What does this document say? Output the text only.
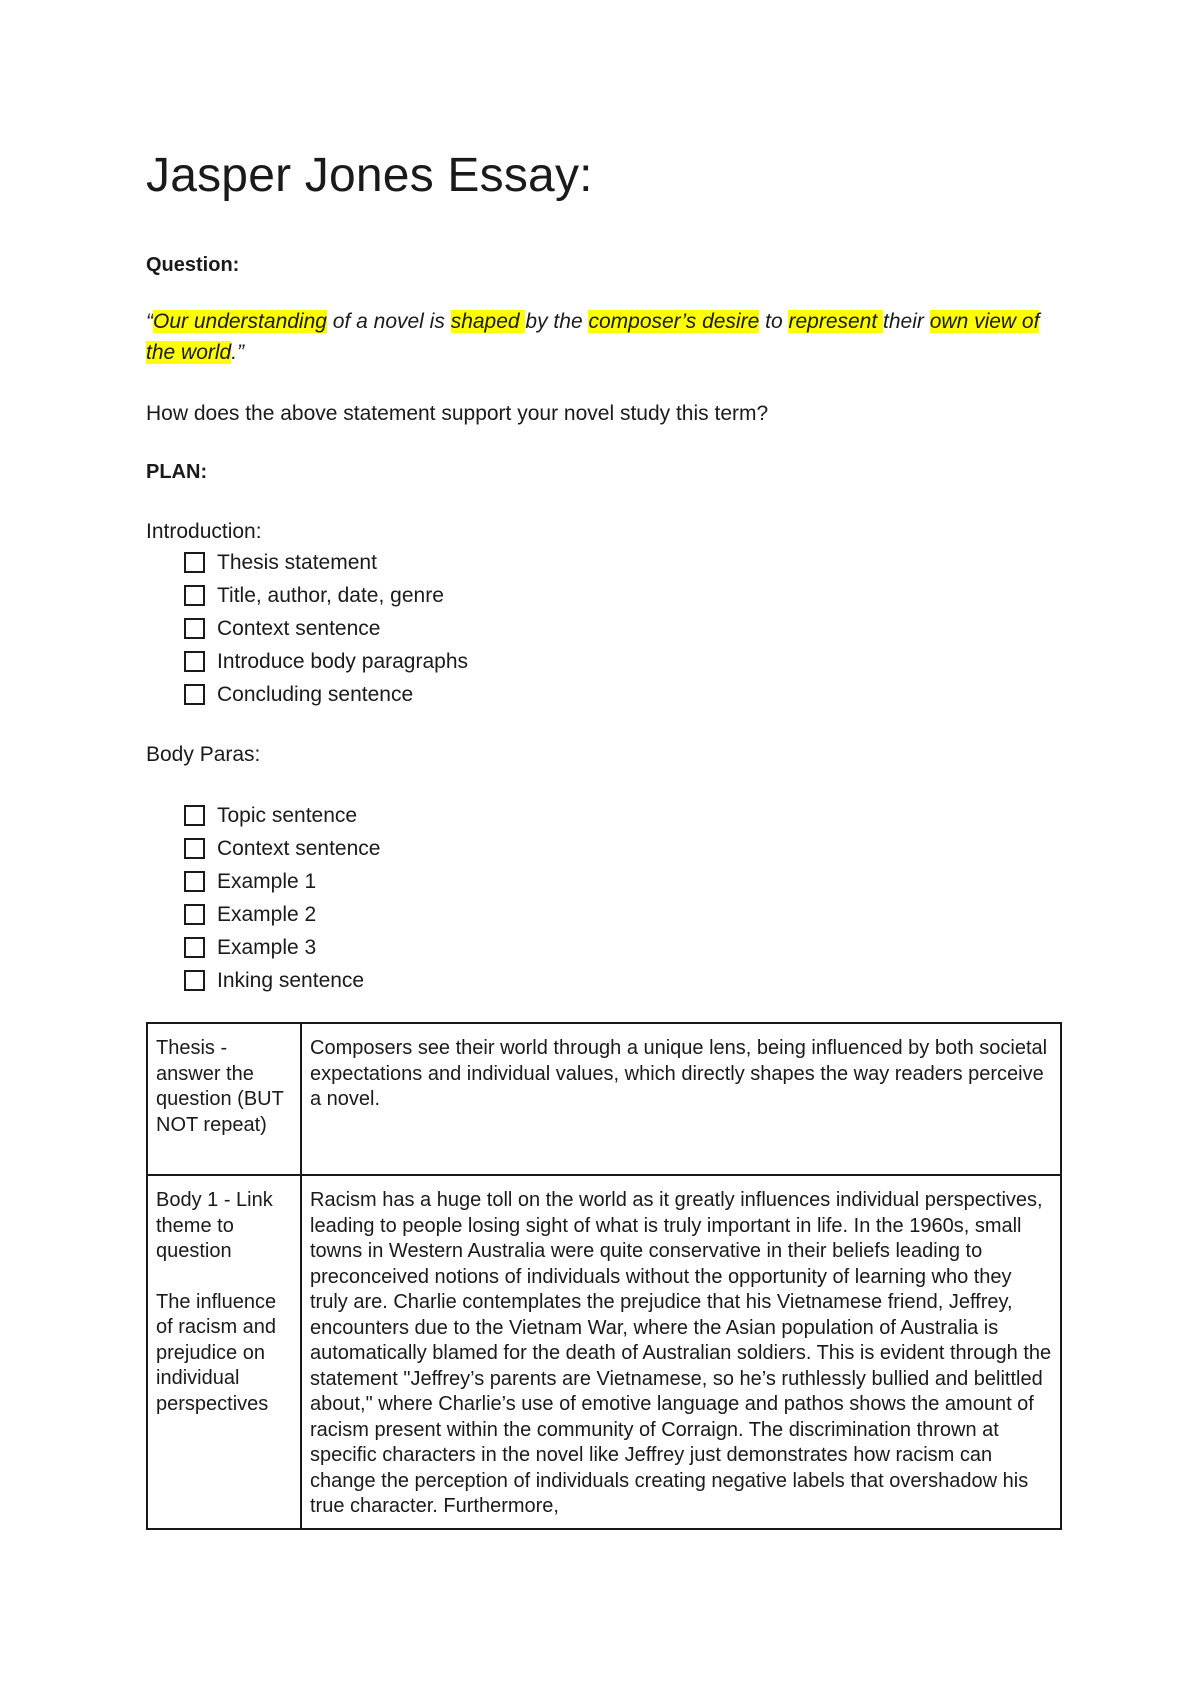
Jasper Jones Essay:
Question:
“Our understanding of a novel is shaped by the composer’s desire to represent their own view of the world.”
How does the above statement support your novel study this term?
PLAN:
Introduction:
Thesis statement
Title, author, date, genre
Context sentence
Introduce body paragraphs
Concluding sentence
Body Paras:
Topic sentence
Context sentence
Example 1
Example 2
Example 3
Inking sentence
Thesis - answer the question (BUT NOT repeat)	Composers see their world through a unique lens, being influenced by both societal expectations and individual values, which directly shapes the way readers perceive a novel.

Body 1 - Link theme to question
The influence of racism and prejudice on individual perspectives	Racism has a huge toll on the world as it greatly influences individual perspectives, leading to people losing sight of what is truly important in life. In the 1960s, small towns in Western Australia were quite conservative in their beliefs leading to preconceived notions of individuals without the opportunity of learning who they truly are. Charlie contemplates the prejudice that his Vietnamese friend, Jeffrey, encounters due to the Vietnam War, where the Asian population of Australia is automatically blamed for the death of Australian soldiers. This is evident through the statement "Jeffrey’s parents are Vietnamese, so he’s ruthlessly bullied and belittled about," where Charlie’s use of emotive language and pathos shows the amount of racism present within the community of Corraign. The discrimination thrown at specific characters in the novel like Jeffrey just demonstrates how racism can change the perception of individuals creating negative labels that overshadow his true character. Furthermore,
